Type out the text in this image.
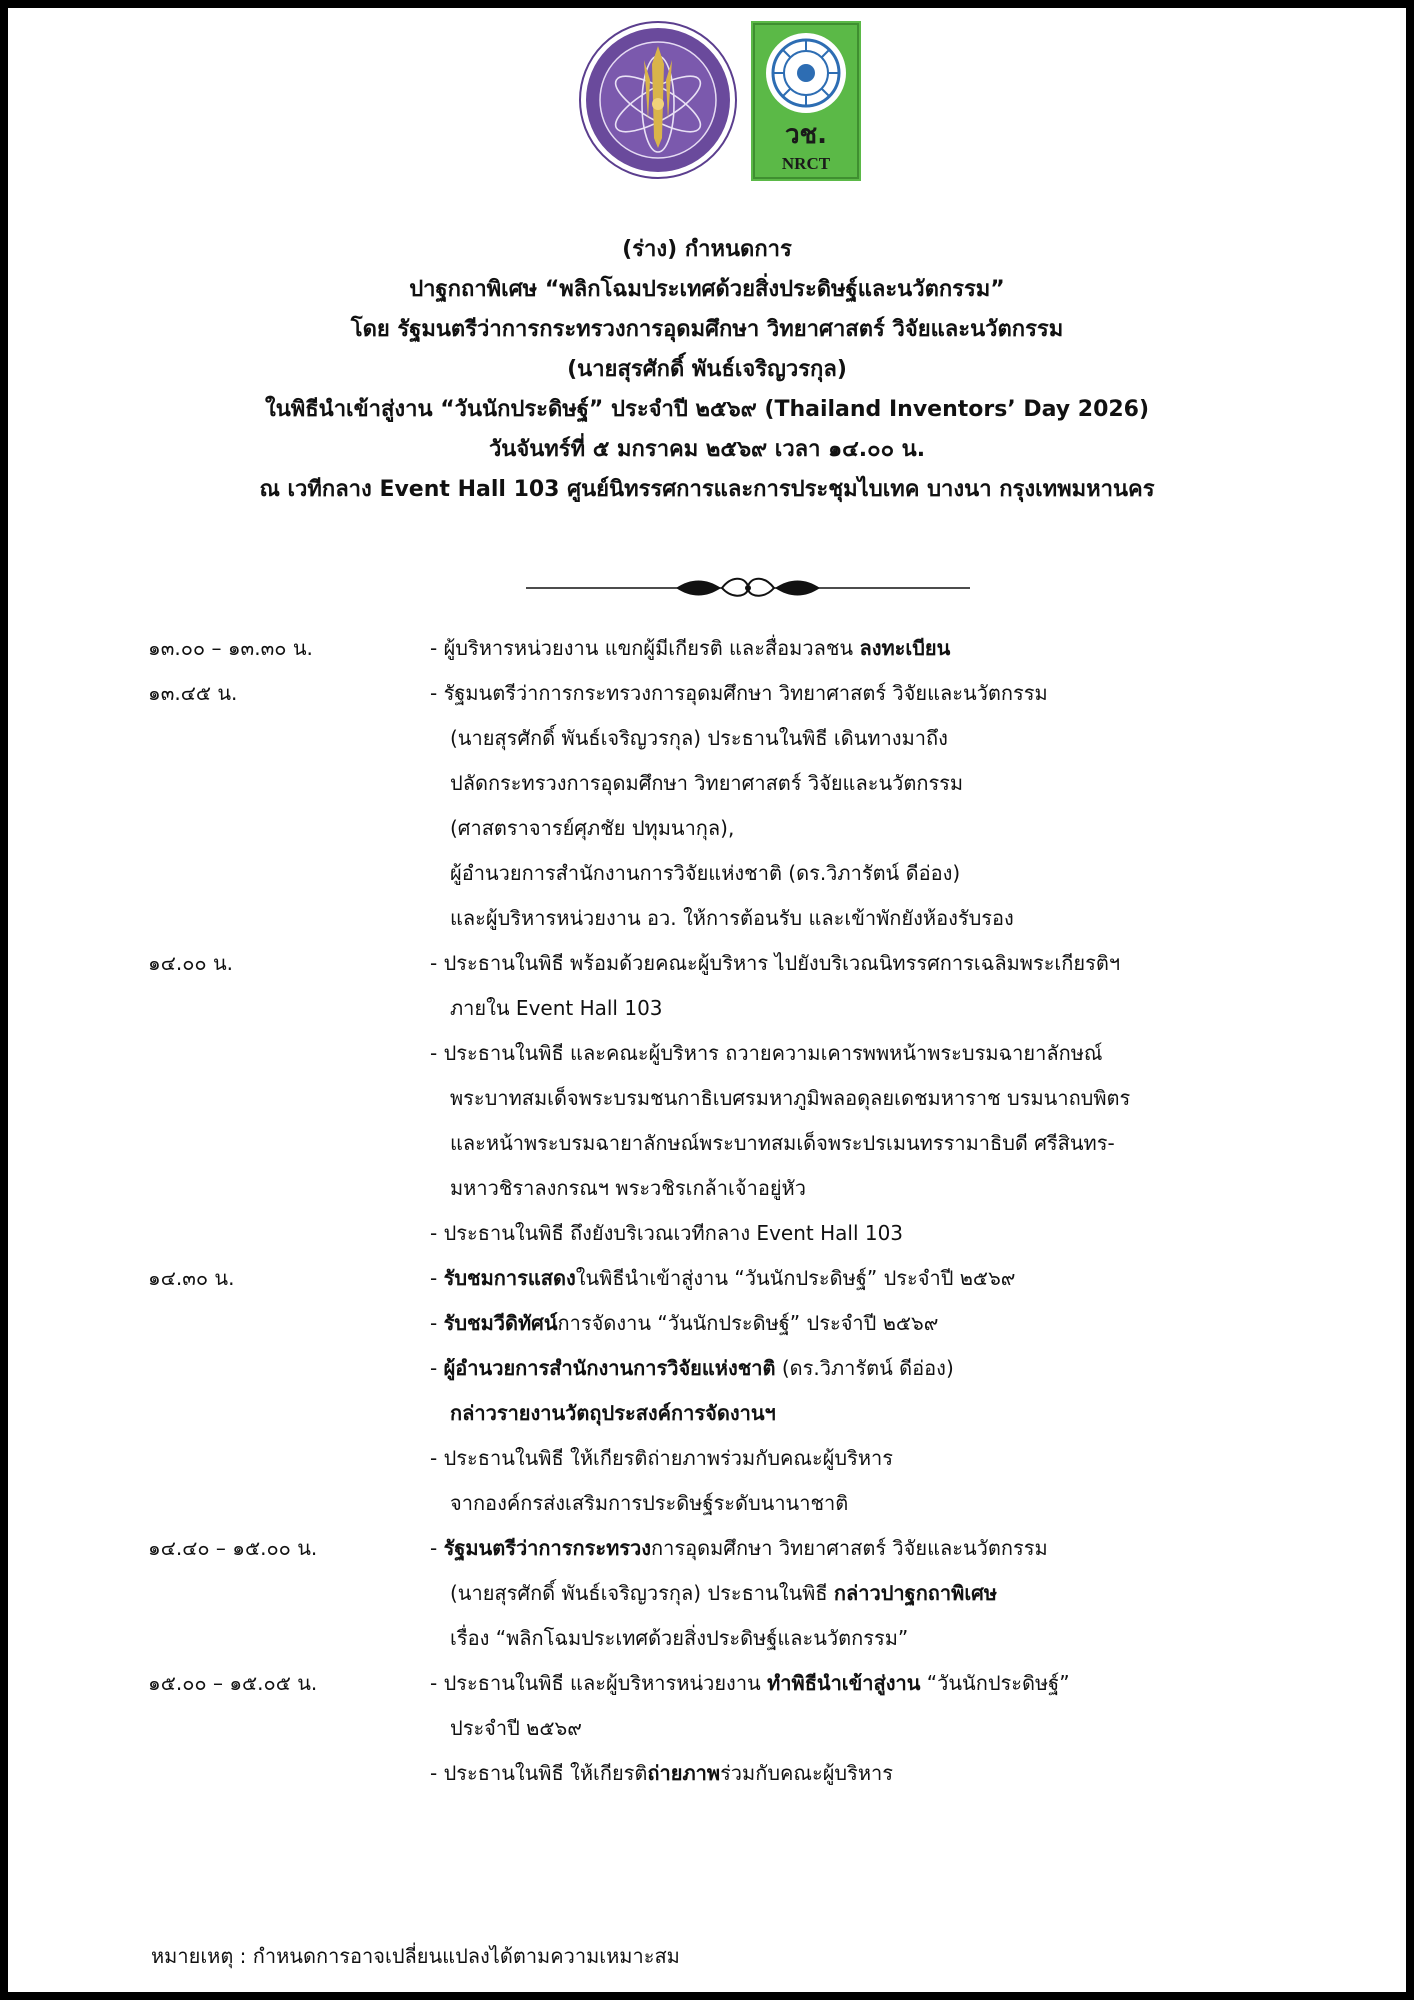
วช.
NRCT
(ร่าง) กำหนดการ
ปาฐกถาพิเศษ “พลิกโฉมประเทศด้วยสิ่งประดิษฐ์และนวัตกรรม”
โดย รัฐมนตรีว่าการกระทรวงการอุดมศึกษา วิทยาศาสตร์ วิจัยและนวัตกรรม
(นายสุรศักดิ์ พันธ์เจริญวรกุล)
ในพิธีนำเข้าสู่งาน “วันนักประดิษฐ์” ประจำปี ๒๕๖๙ (Thailand Inventors’ Day 2026)
วันจันทร์ที่ ๕ มกราคม ๒๕๖๙ เวลา ๑๔.๐๐ น.
ณ เวทีกลาง Event Hall 103 ศูนย์นิทรรศการและการประชุมไบเทค บางนา กรุงเทพมหานคร
๑๓.๐๐ – ๑๓.๓๐ น.	- ผู้บริหารหน่วยงาน แขกผู้มีเกียรติ และสื่อมวลชน ลงทะเบียน
๑๓.๔๕ น.	- รัฐมนตรีว่าการกระทรวงการอุดมศึกษา วิทยาศาสตร์ วิจัยและนวัตกรรม
(นายสุรศักดิ์ พันธ์เจริญวรกุล) ประธานในพิธี เดินทางมาถึง
ปลัดกระทรวงการอุดมศึกษา วิทยาศาสตร์ วิจัยและนวัตกรรม
(ศาสตราจารย์ศุภชัย ปทุมนากุล),
ผู้อำนวยการสำนักงานการวิจัยแห่งชาติ (ดร.วิภารัตน์ ดีอ่อง)
และผู้บริหารหน่วยงาน อว. ให้การต้อนรับ และเข้าพักยังห้องรับรอง
๑๔.๐๐ น.	- ประธานในพิธี พร้อมด้วยคณะผู้บริหาร ไปยังบริเวณนิทรรศการเฉลิมพระเกียรติฯ
ภายใน Event Hall 103
- ประธานในพิธี และคณะผู้บริหาร ถวายความเคารพพหน้าพระบรมฉายาลักษณ์
พระบาทสมเด็จพระบรมชนกาธิเบศรมหาภูมิพลอดุลยเดชมหาราช บรมนาถบพิตร
และหน้าพระบรมฉายาลักษณ์พระบาทสมเด็จพระปรเมนทรรามาธิบดี ศรีสินทร-
มหาวชิราลงกรณฯ พระวชิรเกล้าเจ้าอยู่หัว
- ประธานในพิธี ถึงยังบริเวณเวทีกลาง Event Hall 103
๑๔.๓๐ น.	- รับชมการแสดงในพิธีนำเข้าสู่งาน “วันนักประดิษฐ์” ประจำปี ๒๕๖๙
- รับชมวีดิทัศน์การจัดงาน “วันนักประดิษฐ์” ประจำปี ๒๕๖๙
- ผู้อำนวยการสำนักงานการวิจัยแห่งชาติ (ดร.วิภารัตน์ ดีอ่อง)
กล่าวรายงานวัตถุประสงค์การจัดงานฯ
- ประธานในพิธี ให้เกียรติถ่ายภาพร่วมกับคณะผู้บริหาร
จากองค์กรส่งเสริมการประดิษฐ์ระดับนานาชาติ
๑๔.๔๐ – ๑๕.๐๐ น.	- รัฐมนตรีว่าการกระทรวงการอุดมศึกษา วิทยาศาสตร์ วิจัยและนวัตกรรม
(นายสุรศักดิ์ พันธ์เจริญวรกุล) ประธานในพิธี กล่าวปาฐกถาพิเศษ
เรื่อง “พลิกโฉมประเทศด้วยสิ่งประดิษฐ์และนวัตกรรม”
๑๕.๐๐ – ๑๕.๐๕ น.	- ประธานในพิธี และผู้บริหารหน่วยงาน ทำพิธีนำเข้าสู่งาน “วันนักประดิษฐ์”
ประจำปี ๒๕๖๙
- ประธานในพิธี ให้เกียรติถ่ายภาพร่วมกับคณะผู้บริหาร
หมายเหตุ : กำหนดการอาจเปลี่ยนแปลงได้ตามความเหมาะสม
